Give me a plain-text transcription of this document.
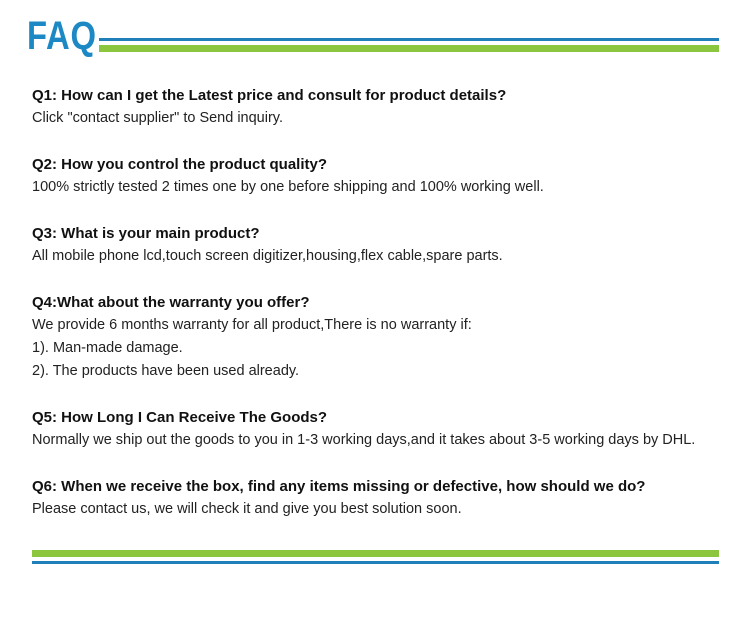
FAQ
Q1: How can I get the Latest price and consult for product details?
Click "contact supplier" to Send inquiry.
Q2: How you control the product quality?
100% strictly tested 2 times one by one before shipping and 100% working well.
Q3: What is your main product?
All mobile phone lcd,touch screen digitizer,housing,flex cable,spare parts.
Q4:What about the warranty you offer?
We provide 6 months warranty for all product,There is no warranty if:
1). Man-made damage.
2). The products have been used already.
Q5: How Long I Can Receive The Goods?
Normally we ship out the goods to you in 1-3 working days,and it takes about 3-5 working days by DHL.
Q6: When we receive the box, find any items missing or defective, how should we do?
Please contact us, we will check it and give you best solution soon.
